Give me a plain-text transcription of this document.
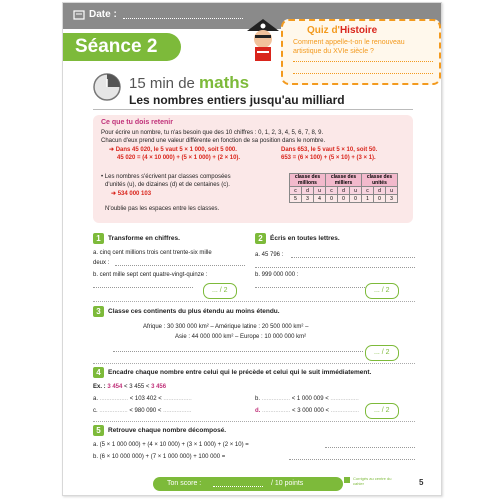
Date :
Séance 2
Quiz d'Histoire
Comment appelle-t-on le renouveau artistique du XVIe siècle ?
15 min de maths
Les nombres entiers jusqu'au milliard
Ce que tu dois retenir
Pour écrire un nombre, tu n'as besoin que des 10 chiffres : 0, 1, 2, 3, 4, 5, 6, 7, 8, 9.
Chacun d'eux prend une valeur différente en fonction de sa position dans le nombre.
➜ Dans 45 020, le 5 vaut 5 × 1 000, soit 5 000.	Dans 653, le 5 vaut 5 × 10, soit 50.
45 020 = (4 × 10 000) + (5 × 1 000) + (2 × 10).	653 = (6 × 100) + (5 × 10) + (3 × 1).
• Les nombres s'écrivent par classes composées
d'unités (u), de dizaines (d) et de centaines (c).
➜ 534 000 103
N'oublie pas les espaces entre les classes.
classe des millions			classe des milliers			classe des unités		
c	d	u	c	d	u	c	d	u
5	3	4	0	0	0	1	0	3
1	Transforme en chiffres.
a. cinq cent millions trois cent trente-six mille
deux :
b. cent mille sept cent quatre-vingt-quinze :
... / 2
2	Écris en toutes lettres.
a. 45 796 :
b. 999 000 000 :
... / 2
3	Classe ces continents du plus étendu au moins étendu.
Afrique : 30 300 000 km² – Amérique latine : 20 500 000 km² –
Asie : 44 000 000 km² – Europe : 10 000 000 km²
... / 2
4	Encadre chaque nombre entre celui qui le précède et celui qui le suit immédiatement.
Ex. : 3 454 < 3 455 < 3 456
a. ................. < 103 402 < .................	b. ................. < 1 000 009 < .................
c. ................. < 980 090 < .................	d. ................. < 3 000 000 < .................	... / 2
5	Retrouve chaque nombre décomposé.
a. (5 × 1 000 000) + (4 × 10 000) + (3 × 1 000) + (2 × 10) =
b. (6 × 10 000 000) + (7 × 1 000 000) + 100 000 =
Ton score :	/ 10 points
Corrigés au centre du cahier	5
